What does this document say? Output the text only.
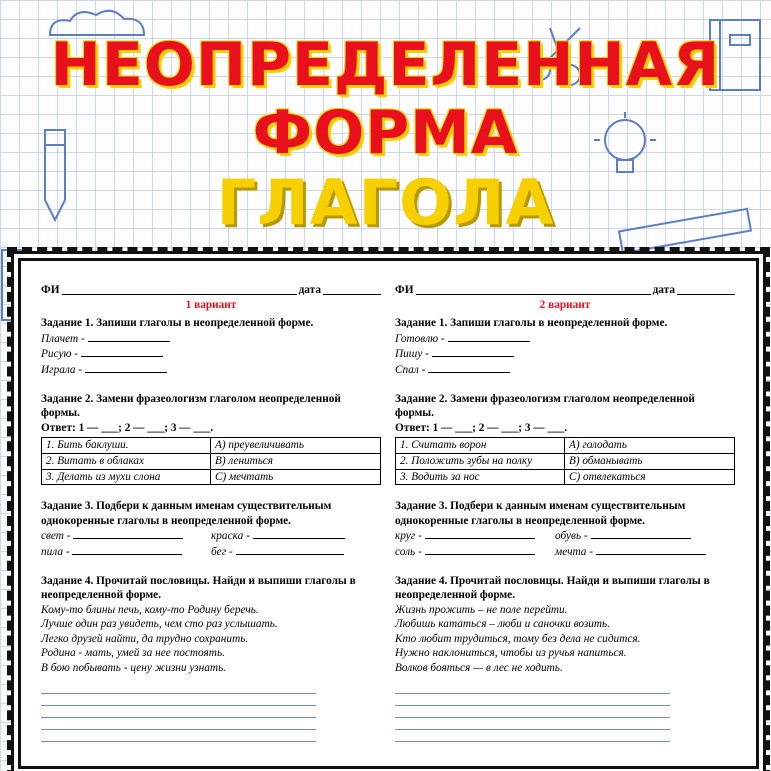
НЕОПРЕДЕЛЕННАЯ
ФОРМА
ГЛАГОЛА
ФИ	дата
1 вариант
Задание 1. Запиши глаголы в неопределенной форме.
Плачет -
Рисую -
Играла -
Задание 2. Замени фразеологизм глаголом неопределенной формы.
Ответ: 1 — ___; 2 — ___; 3 — ___.
1. Бить баклуши.	А) преувеличивать
2. Витать в облаках	В) лениться
3. Делать из мухи слона	С) мечтать
Задание 3. Подбери к данным именам существительным однокоренные глаголы в неопределенной форме.
свет -	краска -
пила -	бег -
Задание 4. Прочитай пословицы. Найди и выпиши глаголы в неопределенной форме.
Кому-то блины печь, кому-то Родину беречь.
Лучше один раз увидеть, чем сто раз услышать.
Легко друзей найти, да трудно сохранить.
Родина - мать, умей за нее постоять.
В бою побывать - цену жизни узнать.
ФИ	дата
2 вариант
Задание 1. Запиши глаголы в неопределенной форме.
Готовлю -
Пишу -
Спал -
Задание 2. Замени фразеологизм глаголом неопределенной формы.
Ответ: 1 — ___; 2 — ___; 3 — ___.
1. Считать ворон	А) голодать
2. Положить зубы на полку	В) обманывать
3. Водить за нос	С) отвлекаться
Задание 3. Подбери к данным именам существительным однокоренные глаголы в неопределенной форме.
круг -	обувь -
соль -	мечта -
Задание 4. Прочитай пословицы. Найди и выпиши глаголы в неопределенной форме.
Жизнь прожить – не поле перейти.
Любишь кататься – люби и саночки возить.
Кто любит трудиться, тому без дела не сидится.
Нужно наклониться, чтобы из ручья напиться.
Волков бояться — в лес не ходить.
